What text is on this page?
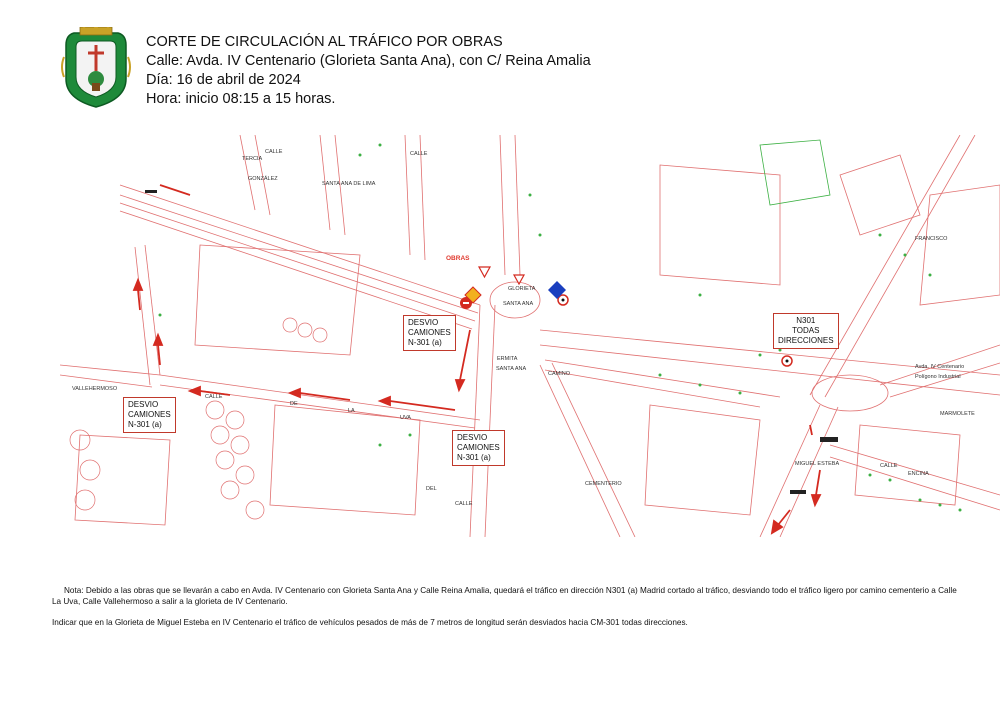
CORTE DE CIRCULACIÓN AL TRÁFICO POR OBRAS
Calle: Avda. IV Centenario (Glorieta Santa Ana), con C/ Reina Amalia
Día: 16 de abril de 2024
Hora: inicio 08:15 a 15 horas.
OBRAS
CALLE
DE
LA
UVA
VALLEHERMOSO
GLORIETA
SANTA ANA
ERMITA
SANTA ANA	Avda. IV Centenario
Polígono Industrial
CALLE
ENCINA
MIGUEL ESTEBA
FRANCISCO
CAMINO
CEMENTERIO
CALLE
TERCIA
GONZÁLEZ
SANTA ANA DE LIMA
MARMOLETE
CALLE
CALLE
DEL
DESVIO
CAMIONES
N-301 (a)
DESVIO
CAMIONES
N-301 (a)
DESVIO
CAMIONES
N-301 (a)
N301
TODAS
DIRECCIONES
Nota: Debido a las obras que se llevarán a cabo en Avda. IV Centenario con Glorieta Santa Ana y Calle Reina Amalia, quedará el tráfico en dirección N301 (a) Madrid cortado al tráfico, desviando todo el tráfico ligero por camino cementerio a Calle La Uva, Calle Vallehermoso a salir a la glorieta de IV Centenario.
Indicar que en la Glorieta de Miguel Esteba en IV Centenario el tráfico de vehículos pesados de más de 7 metros de longitud serán desviados hacia CM-301 todas direcciones.
